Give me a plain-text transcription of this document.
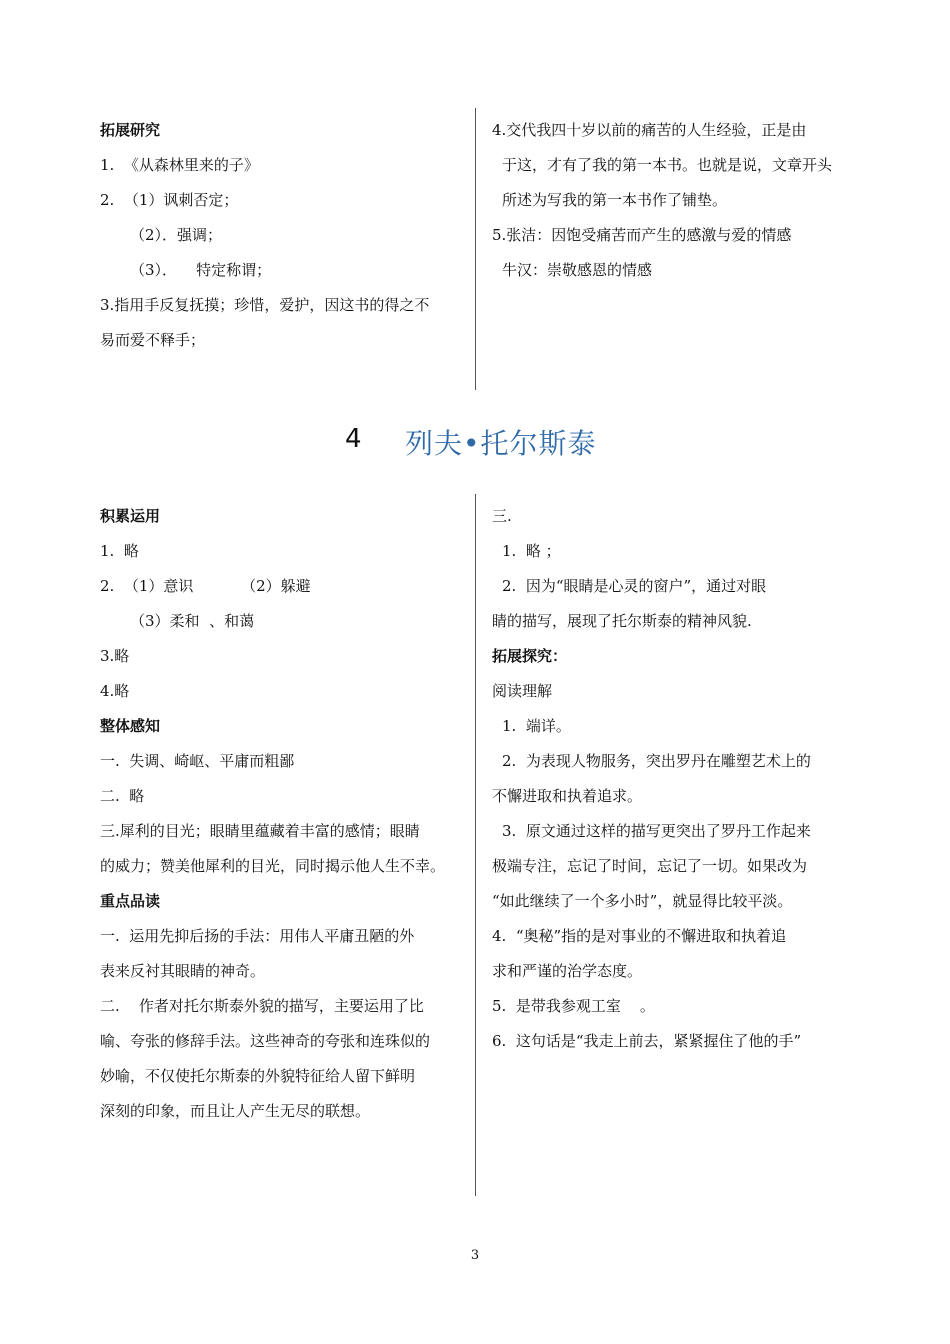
拓展研究
1.  《从森林里来的子》
2.  （1）讽刺否定；
（2）．强调；
（3）．    特定称谓；
3.指用手反复抚摸；珍惜，爱护，因这书的得之不
易而爱不释手；
4.交代我四十岁以前的痛苦的人生经验，正是由
于这，才有了我的第一本书。也就是说，文章开头
所述为写我的第一本书作了铺垫。
5.张洁：因饱受痛苦而产生的感激与爱的情感
牛汉：崇敬感恩的情感
4 列夫•托尔斯泰
积累运用
1.  略
2.  （1）意识          （2）躲避
（3）柔和  、和蔼
3.略
4.略
整体感知
一.  失调、崎岖、平庸而粗鄙
二.  略
三.犀利的目光；眼睛里蕴藏着丰富的感情；眼睛
的威力；赞美他犀利的目光，同时揭示他人生不幸。
重点品读
一.  运用先抑后扬的手法：用伟人平庸丑陋的外
表来反衬其眼睛的神奇。
二.    作者对托尔斯泰外貌的描写，主要运用了比
喻、夸张的修辞手法。这些神奇的夸张和连珠似的
妙喻，不仅使托尔斯泰的外貌特征给人留下鲜明
深刻的印象，而且让人产生无尽的联想。
三.
1.  略 ；
2.  因为“眼睛是心灵的窗户”，通过对眼
睛的描写，展现了托尔斯泰的精神风貌.
拓展探究：
阅读理解
1.  端详。
2.  为表现人物服务，突出罗丹在雕塑艺术上的
不懈进取和执着追求。
3.  原文通过这样的描写更突出了罗丹工作起来
极端专注，忘记了时间，忘记了一切。如果改为
“如此继续了一个多小时”，就显得比较平淡。
4.  “奥秘”指的是对事业的不懈进取和执着追
求和严谨的治学态度。
5.  是带我参观工室    。
6.  这句话是“我走上前去，紧紧握住了他的手”
3
